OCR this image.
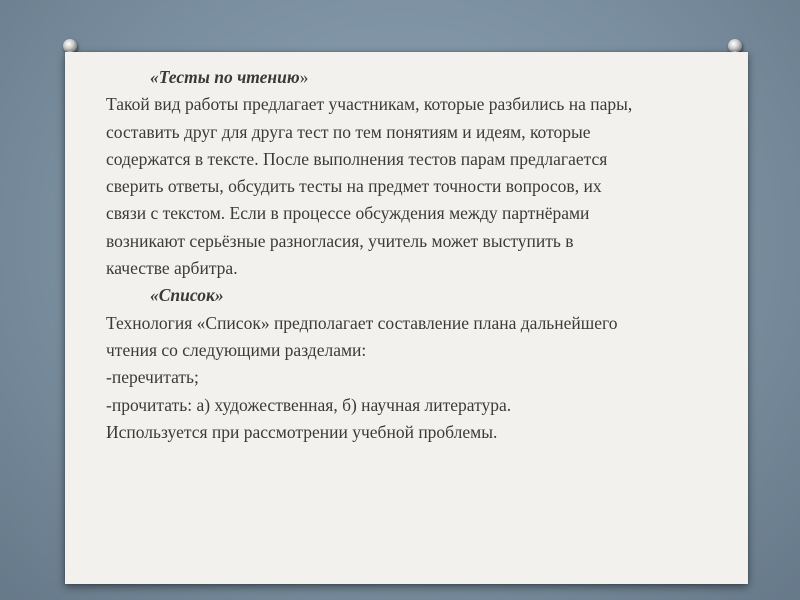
«Тесты по чтению»
Такой вид работы предлагает участникам, которые разбились на пары,
составить друг для друга тест по тем понятиям и идеям, которые
содержатся в тексте. После выполнения тестов парам предлагается
сверить ответы, обсудить тесты на предмет точности вопросов, их
связи с текстом. Если в процессе обсуждения между партнёрами
возникают серьёзные разногласия, учитель может выступить в
качестве арбитра.
«Список»
Технология «Список» предполагает составление плана дальнейшего
чтения со следующими разделами:
-перечитать;
-прочитать: а) художественная, б) научная литература.
Используется при рассмотрении учебной проблемы.
